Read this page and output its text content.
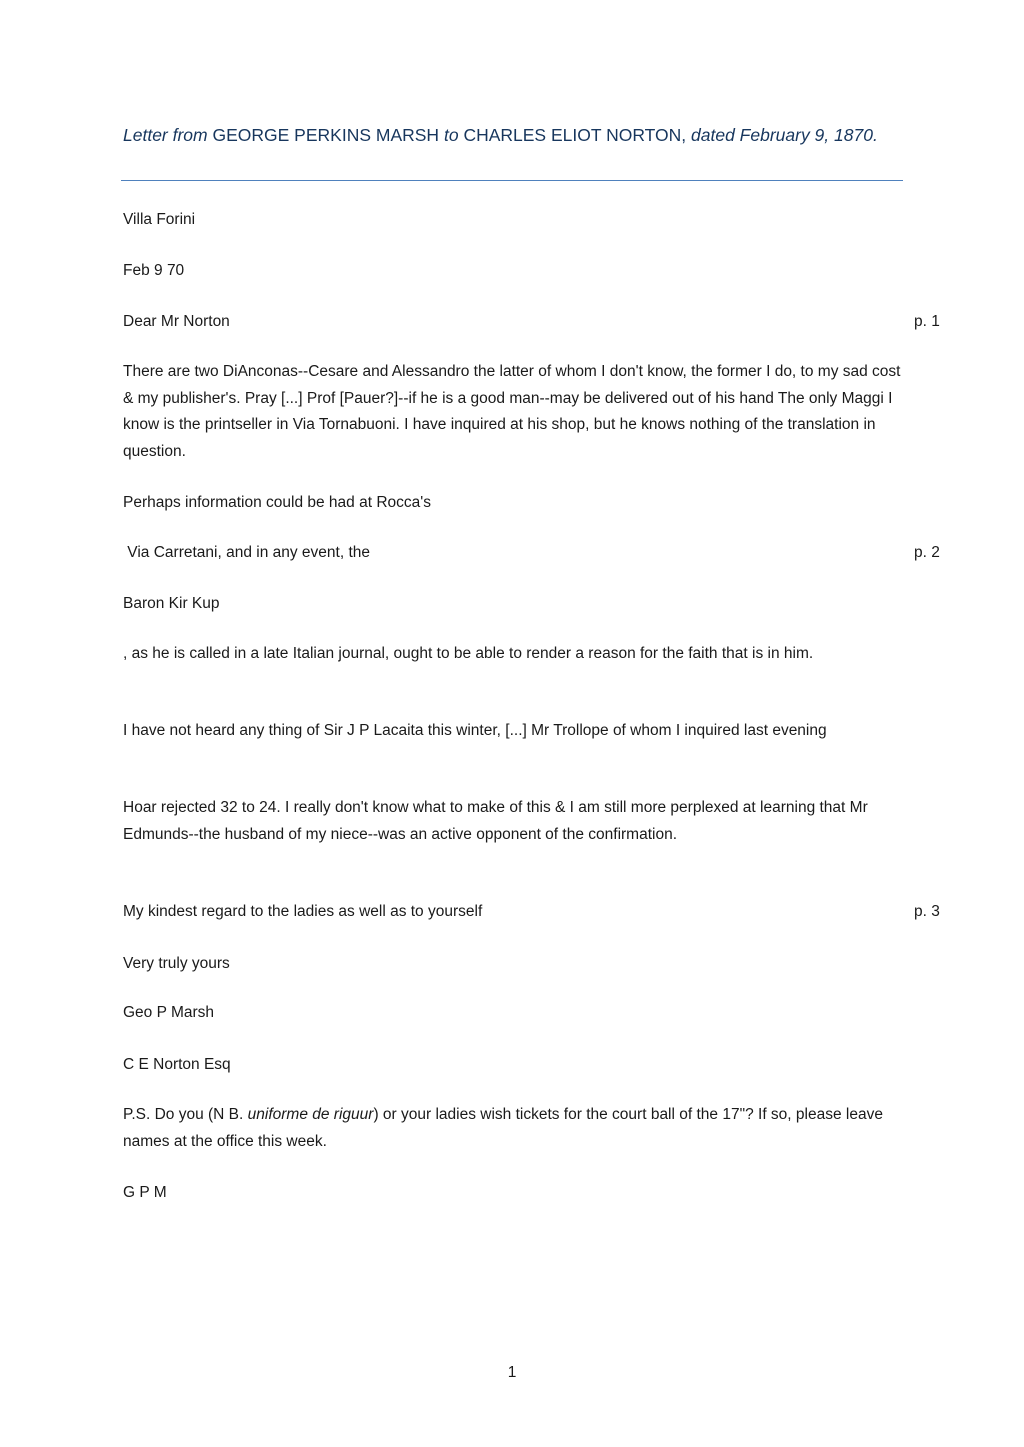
Letter from GEORGE PERKINS MARSH to CHARLES ELIOT NORTON, dated February 9, 1870.

Villa Forini

Feb 9 70

Dear Mr Norton	p. 1

There are two DiAnconas--Cesare and Alessandro the latter of whom I don't know, the former I do, to my sad cost & my publisher's. Pray [...] Prof [Pauer?]--if he is a good man--may be delivered out of his hand The only Maggi I know is the printseller in Via Tornabuoni. I have inquired at his shop, but he knows nothing of the translation in question.

Perhaps information could be had at Rocca's

Via Carretani, and in any event, the	p. 2

Baron Kir Kup

, as he is called in a late Italian journal, ought to be able to render a reason for the faith that is in him.

I have not heard any thing of Sir J P Lacaita this winter, [...] Mr Trollope of whom I inquired last evening

Hoar rejected 32 to 24. I really don't know what to make of this & I am still more perplexed at learning that Mr Edmunds--the husband of my niece--was an active opponent of the confirmation.

My kindest regard to the ladies as well as to yourself	p. 3

Very truly yours

Geo P Marsh

C E Norton Esq

P.S. Do you (N B. uniforme de riguur) or your ladies wish tickets for the court ball of the 17"? If so, please leave names at the office this week.

G P M

1
